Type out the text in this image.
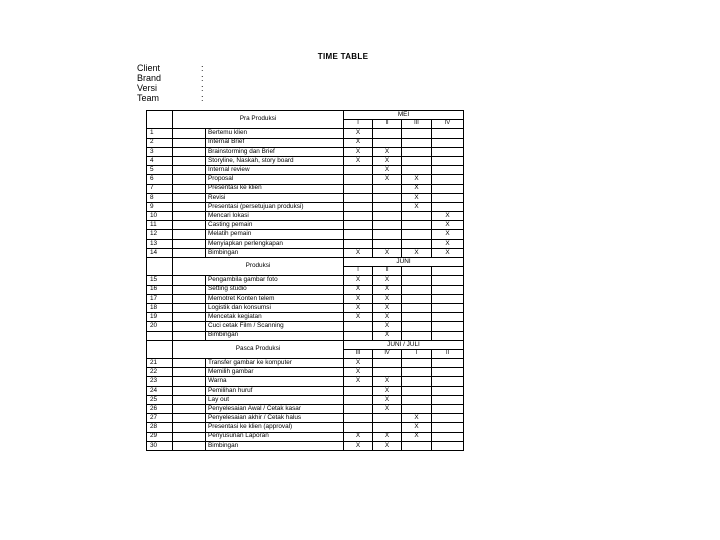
TIME TABLE
Client	:
Brand	:
Versi	:
Team	:
	Pra Produksi		MEI			
			I	II	III	IV
1		Bertemu klien	X			
2		Internal Brief	X			
3		Brainstorming dan Brief	X	X		
4		Storyline, Naskah, story board	X	X		
5		Internal review		X		
6		Proposal		X	X	
7		Presentasi ke klien			X	
8		Revisi			X	
9		Presentasi (persetujuan produksi)			X	
10		Mencari lokasi				X
11		Casting pemain				X
12		Melatih pemain				X
13		Menyiapkan perlengkapan				X
14		Bimbingan	X	X	X	X
	Produksi		JUNI			
			I	II		
15		Pengambila gambar foto	X	X		
16		Setting studio	X	X		
17		Memotret Konten telem	X	X		
18		Logistik dan konsumsi	X	X		
19		Mencetak kegiatan	X	X		
20		Cuci cetak Film / Scanning		X		
		Bimbingan		X		
	Pasca Produksi		JUNI / JULI			
			III	IV	I	II
21		Transfer gambar ke komputer	X			
22		Memilih gambar	X			
23		Warna	X	X		
24		Pemilihan huruf		X		
25		Lay out		X		
26		Penyelesaian Awal / Cetak kasar		X		
27		Penyelesaian akhir / Cetak halus			X	
28		Presentasi ke klien (approval)			X	
29		Penyusunan Laporan	X	X	X	
30		Bimbingan	X	X		
